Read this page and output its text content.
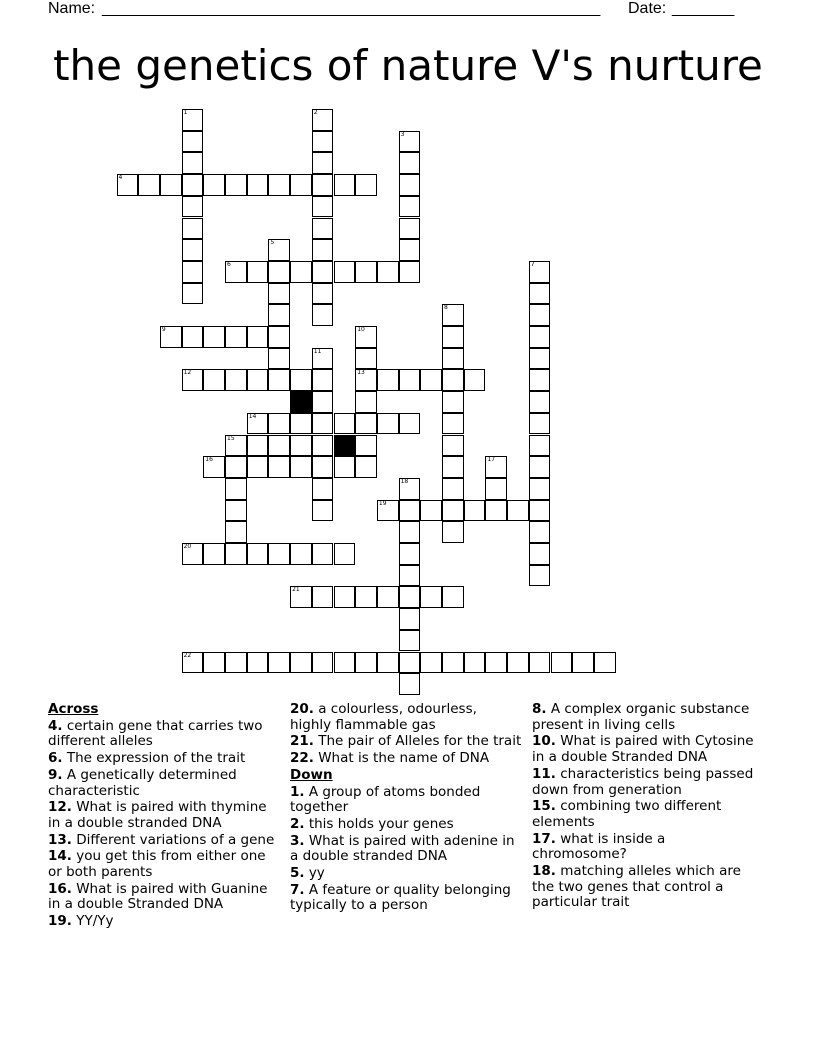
Name: ________________________________________________________ Date: _______
the genetics of nature V's nurture
1	2
3
4
5
6	7
8
9	10
13
11
12
14
15
16	17
18
19
20
21
22
Across
4. certain gene that carries two different alleles
6. The expression of the trait
9. A genetically determined characteristic
12. What is paired with thymine in a double stranded DNA
13. Different variations of a gene
14. you get this from either one or both parents
16. What is paired with Guanine in a double Stranded DNA
19. YY/Yy
20. a colourless, odourless, highly flammable gas
21. The pair of Alleles for the trait
22. What is the name of DNA
Down
1. A group of atoms bonded together
2. this holds your genes
3. What is paired with adenine in a double stranded DNA
5. yy
7. A feature or quality belonging typically to a person
8. A complex organic substance present in living cells
10. What is paired with Cytosine in a double Stranded DNA
11. characteristics being passed down from generation
15. combining two different elements
17. what is inside a chromosome?
18. matching alleles which are the two genes that control a particular trait
